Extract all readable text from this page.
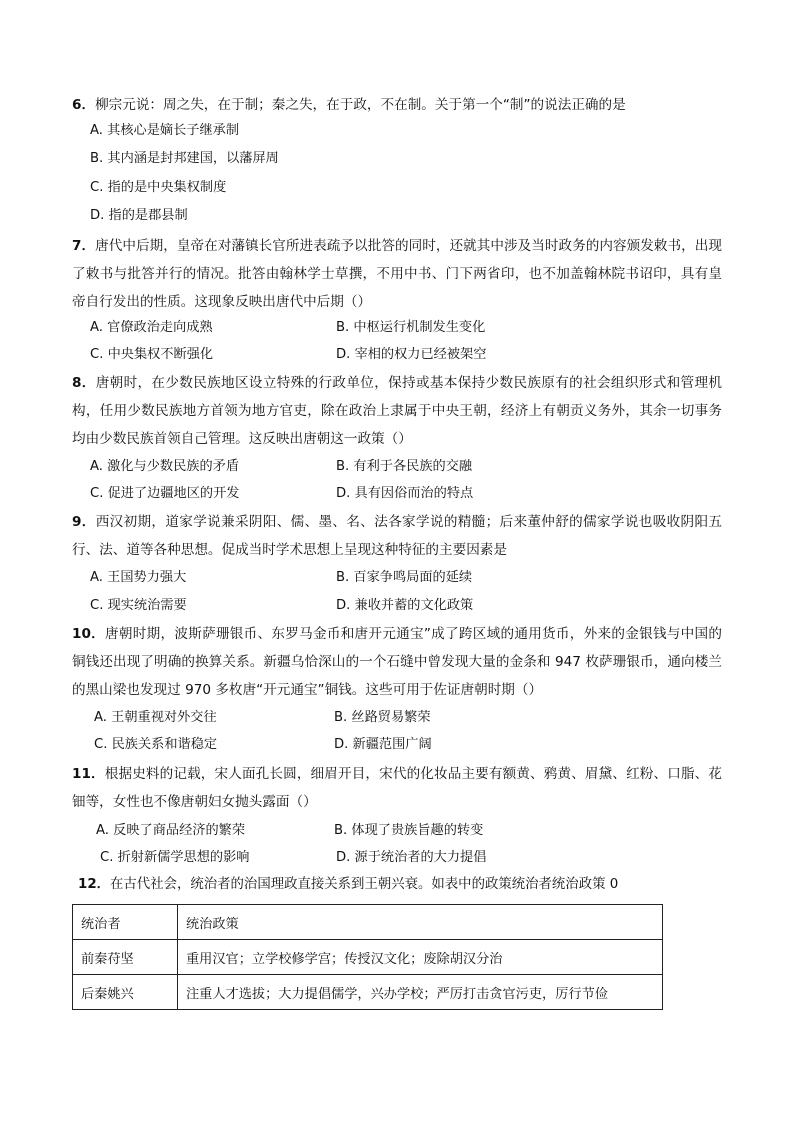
6．柳宗元说：周之失，在于制；秦之失，在于政，不在制。关于第一个“制”的说法正确的是
A. 其核心是嫡长子继承制
B. 其内涵是封邦建国，以藩屏周
C. 指的是中央集权制度
D. 指的是郡县制
7．唐代中后期，皇帝在对藩镇长官所进表疏予以批答的同时，还就其中涉及当时政务的内容颁发敕书，出现了敕书与批答并行的情况。批答由翰林学士草撰，不用中书、门下两省印，也不加盖翰林院书诏印，具有皇帝自行发出的性质。这现象反映出唐代中后期（）
A. 官僚政治走向成熟	B. 中枢运行机制发生变化
C. 中央集权不断强化	D. 宰相的权力已经被架空
8．唐朝时，在少数民族地区设立特殊的行政单位，保持或基本保持少数民族原有的社会组织形式和管理机构，任用少数民族地方首领为地方官吏，除在政治上隶属于中央王朝，经济上有朝贡义务外，其余一切事务均由少数民族首领自己管理。这反映出唐朝这一政策（）
A. 激化与少数民族的矛盾	B. 有利于各民族的交融
C. 促进了边疆地区的开发	D. 具有因俗而治的特点
9．西汉初期，道家学说兼采阴阳、儒、墨、名、法各家学说的精髓；后来董仲舒的儒家学说也吸收阴阳五行、法、道等各种思想。促成当时学术思想上呈现这种特征的主要因素是
A. 王国势力强大	B. 百家争鸣局面的延续
C. 现实统治需要	D. 兼收并蓄的文化政策
10．唐朝时期，波斯萨珊银币、东罗马金币和唐开元通宝”成了跨区域的通用货币，外来的金银钱与中国的铜钱还出现了明确的换算关系。新疆乌恰深山的一个石缝中曾发现大量的金条和 947 枚萨珊银币，通向楼兰的黑山梁也发现过 970 多枚唐“开元通宝”铜钱。这些可用于佐证唐朝时期（）
A. 王朝重视对外交往	B. 丝路贸易繁荣
C. 民族关系和谐稳定	D. 新疆范围广阔
11．根据史料的记载，宋人面孔长圆，细眉开目，宋代的化妆品主要有额黄、鸦黄、眉黛、红粉、口脂、花钿等，女性也不像唐朝妇女抛头露面（）
A. 反映了商品经济的繁荣	B. 体现了贵族旨趣的转变
C. 折射新儒学思想的影响	D. 源于统治者的大力提倡
12．在古代社会，统治者的治国理政直接关系到王朝兴衰。如表中的政策统治者统治政策 0
统治者	统治政策
前秦苻坚	重用汉官；立学校修学宫；传授汉文化；废除胡汉分治
后秦姚兴	注重人才选拔；大力提倡儒学，兴办学校；严厉打击贪官污吏，厉行节俭
